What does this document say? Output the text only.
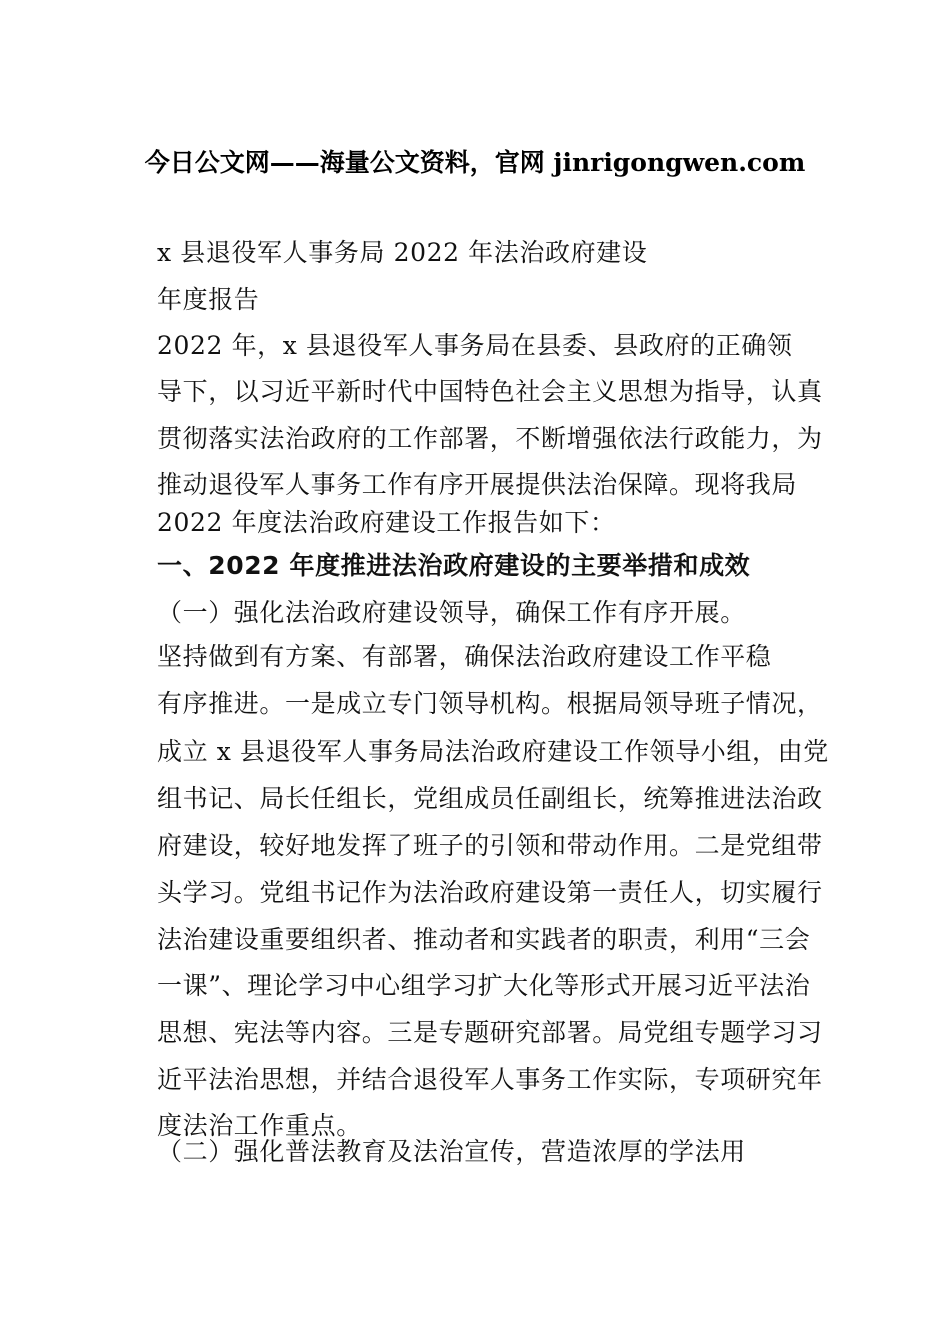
今日公文网——海量公文资料，官网 jinrigongwen.com
x 县退役军人事务局 2022 年法治政府建设
年度报告
2022 年，x 县退役军人事务局在县委、县政府的正确领
导下，以习近平新时代中国特色社会主义思想为指导，认真
贯彻落实法治政府的工作部署，不断增强依法行政能力，为
推动退役军人事务工作有序开展提供法治保障。现将我局
2022 年度法治政府建设工作报告如下：
一、2022 年度推进法治政府建设的主要举措和成效
（一）强化法治政府建设领导，确保工作有序开展。
坚持做到有方案、有部署，确保法治政府建设工作平稳
有序推进。一是成立专门领导机构。根据局领导班子情况，
成立 x 县退役军人事务局法治政府建设工作领导小组，由党
组书记、局长任组长，党组成员任副组长，统筹推进法治政
府建设，较好地发挥了班子的引领和带动作用。二是党组带
头学习。党组书记作为法治政府建设第一责任人，切实履行
法治建设重要组织者、推动者和实践者的职责，利用“三会
一课”、理论学习中心组学习扩大化等形式开展习近平法治
思想、宪法等内容。三是专题研究部署。局党组专题学习习
近平法治思想，并结合退役军人事务工作实际，专项研究年
度法治工作重点。
（二）强化普法教育及法治宣传，营造浓厚的学法用
